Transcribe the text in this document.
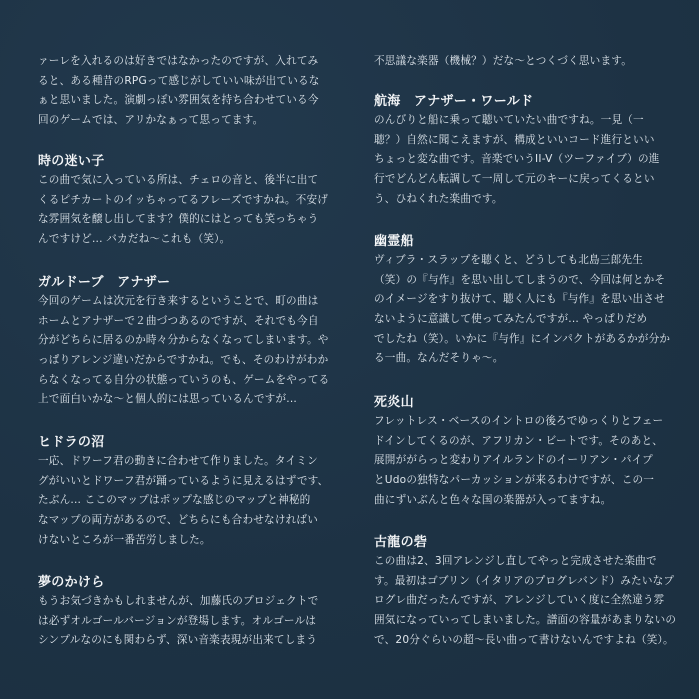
ァーレを入れるのは好きではなかったのですが、入れてみ
ると、ある種昔のRPGって感じがしていい味が出ているな
ぁと思いました。演劇っぽい雰囲気を持ち合わせている今
回のゲームでは、アリかなぁって思ってます。
時の迷い子
この曲で気に入っている所は、チェロの音と、後半に出て
くるピチカートのイッちゃってるフレーズですかね。不安げ
な雰囲気を醸し出してます？僕的にはとっても笑っちゃう
んですけど... バカだね〜これも（笑）。
ガルドーブ　アナザー
今回のゲームは次元を行き来するということで、町の曲は
ホームとアナザーで２曲づつあるのですが、それでも今自
分がどちらに居るのか時々分からなくなってしまいます。や
っぱりアレンジ違いだからですかね。でも、そのわけがわか
らなくなってる自分の状態っていうのも、ゲームをやってる
上で面白いかな〜と個人的には思っているんですが...
ヒドラの沼
一応、ドワーフ君の動きに合わせて作りました。タイミン
グがいいとドワーフ君が踊っているように見えるはずです、
たぶん... ここのマップはポップな感じのマップと神秘的
なマップの両方があるので、どちらにも合わせなければい
けないところが一番苦労しました。
夢のかけら
もうお気づきかもしれませんが、加藤氏のプロジェクトで
は必ずオルゴールバージョンが登場します。オルゴールは
シンプルなのにも関わらず、深い音楽表現が出来てしまう
不思議な楽器（機械？）だな〜とつくづく思います。
航海　アナザー・ワールド
のんびりと船に乗って聴いていたい曲ですね。一見（一
聴？）自然に聞こえますが、構成といいコード進行といい
ちょっと変な曲です。音楽でいうII-V（ツーファイブ）の進
行でどんどん転調して一周して元のキーに戻ってくるとい
う、ひねくれた楽曲です。
幽霊船
ヴィブラ・スラップを聴くと、どうしても北島三郎先生
（笑）の『与作』を思い出してしまうので、今回は何とかそ
のイメージをすり抜けて、聴く人にも『与作』を思い出させ
ないように意識して使ってみたんですが... やっぱりだめ
でしたね（笑）。いかに『与作』にインパクトがあるかが分か
る一曲。なんだそりゃ〜。
死炎山
フレットレス・ベースのイントロの後ろでゆっくりとフェー
ドインしてくるのが、アフリカン・ビートです。そのあと、
展開ががらっと変わりアイルランドのイーリアン・パイプ
とUdoの独特なパーカッションが来るわけですが、この一
曲にずいぶんと色々な国の楽器が入ってますね。
古龍の砦
この曲は2、3回アレンジし直してやっと完成させた楽曲で
す。最初はゴブリン（イタリアのプログレバンド）みたいなプ
ログレ曲だったんですが、アレンジしていく度に全然違う雰
囲気になっていってしまいました。譜面の容量があまりないの
で、20分ぐらいの超〜長い曲って書けないんですよね（笑）。
